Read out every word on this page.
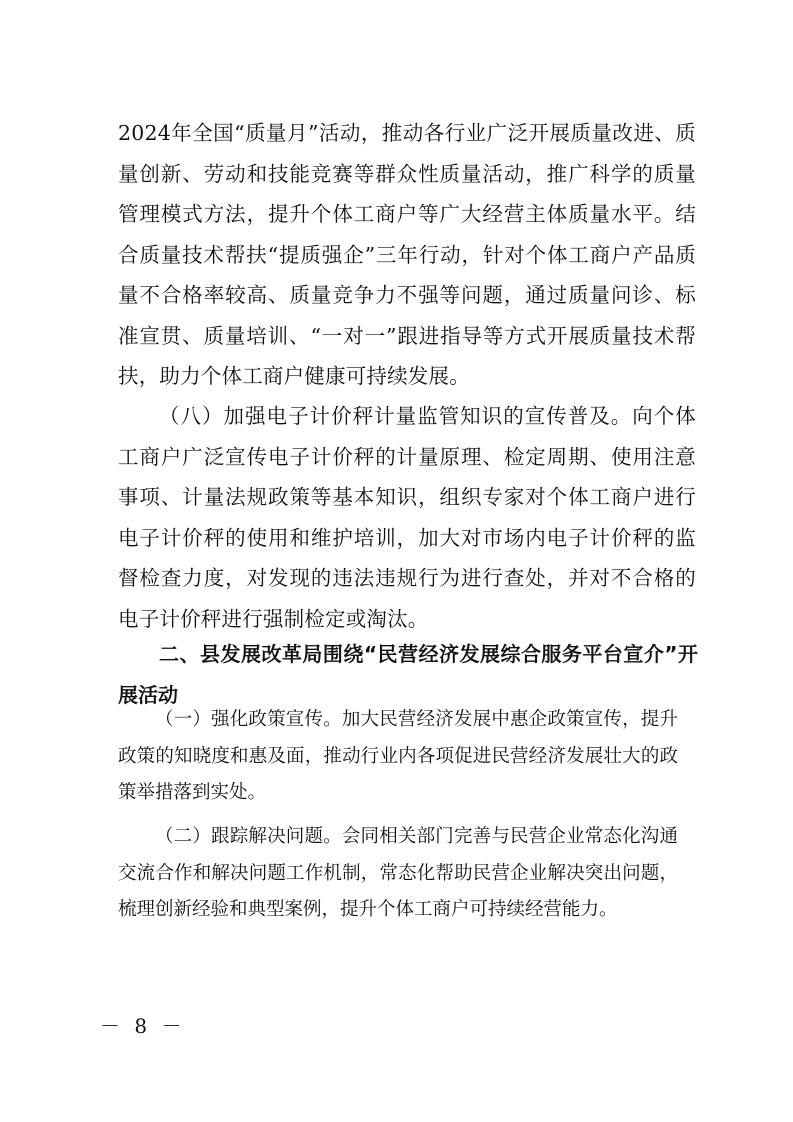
2024年全国“质量月”活动，推动各行业广泛开展质量改进、质量创新、劳动和技能竞赛等群众性质量活动，推广科学的质量管理模式方法，提升个体工商户等广大经营主体质量水平。结合质量技术帮扶“提质强企”三年行动，针对个体工商户产品质量不合格率较高、质量竞争力不强等问题，通过质量问诊、标准宣贯、质量培训、“一对一”跟进指导等方式开展质量技术帮扶，助力个体工商户健康可持续发展。

（八）加强电子计价秤计量监管知识的宣传普及。向个体工商户广泛宣传电子计价秤的计量原理、检定周期、使用注意事项、计量法规政策等基本知识，组织专家对个体工商户进行电子计价秤的使用和维护培训，加大对市场内电子计价秤的监督检查力度，对发现的违法违规行为进行查处，并对不合格的电子计价秤进行强制检定或淘汰。

二、县发展改革局围绕“民营经济发展综合服务平台宣介”开展活动

（一）强化政策宣传。加大民营经济发展中惠企政策宣传，提升政策的知晓度和惠及面，推动行业内各项促进民营经济发展壮大的政策举措落到实处。

（二）跟踪解决问题。会同相关部门完善与民营企业常态化沟通交流合作和解决问题工作机制，常态化帮助民营企业解决突出问题，梳理创新经验和典型案例，提升个体工商户可持续经营能力。

－ 8 －
